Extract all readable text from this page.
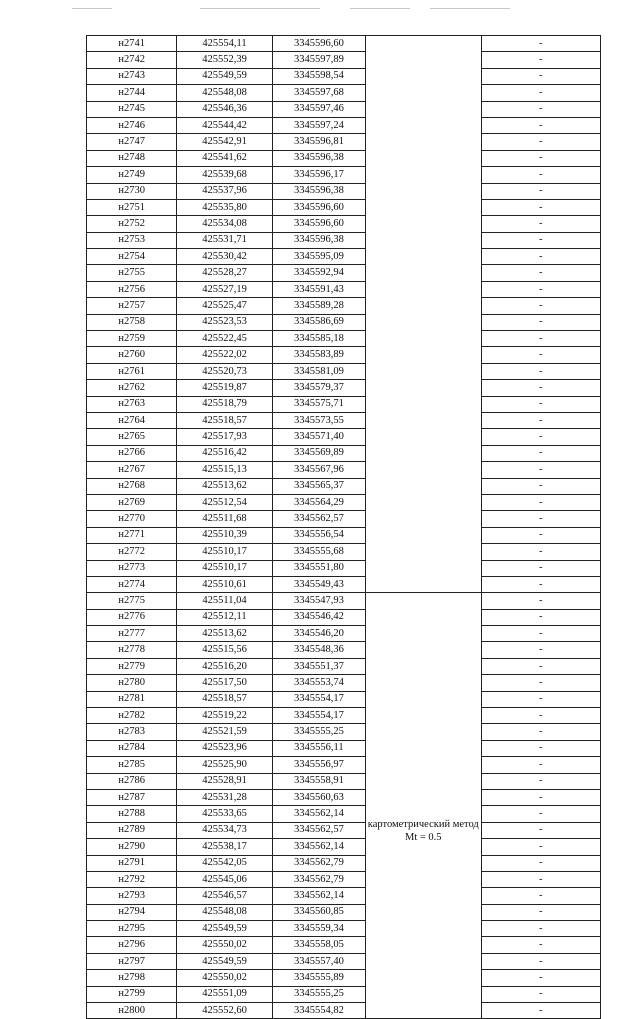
н2741	425554,11	3345596,60		-
н2742	425552,39	3345597,89		-
н2743	425549,59	3345598,54		-
н2744	425548,08	3345597,68		-
н2745	425546,36	3345597,46		-
н2746	425544,42	3345597,24		-
н2747	425542,91	3345596,81		-
н2748	425541,62	3345596,38		-
н2749	425539,68	3345596,17		-
н2730	425537,96	3345596,38		-
н2751	425535,80	3345596,60		-
н2752	425534,08	3345596,60		-
н2753	425531,71	3345596,38		-
н2754	425530,42	3345595,09		-
н2755	425528,27	3345592,94		-
н2756	425527,19	3345591,43		-
н2757	425525,47	3345589,28		-
н2758	425523,53	3345586,69		-
н2759	425522,45	3345585,18		-
н2760	425522,02	3345583,89		-
н2761	425520,73	3345581,09		-
н2762	425519,87	3345579,37		-
н2763	425518,79	3345575,71		-
н2764	425518,57	3345573,55		-
н2765	425517,93	3345571,40		-
н2766	425516,42	3345569,89		-
н2767	425515,13	3345567,96		-
н2768	425513,62	3345565,37		-
н2769	425512,54	3345564,29		-
н2770	425511,68	3345562,57		-
н2771	425510,39	3345556,54		-
н2772	425510,17	3345555,68		-
н2773	425510,17	3345551,80		-
н2774	425510,61	3345549,43		-
н2775	425511,04	3345547,93	картометрический метод Mt = 0.5	-
н2776	425512,11	3345546,42		-
н2777	425513,62	3345546,20		-
н2778	425515,56	3345548,36		-
н2779	425516,20	3345551,37		-
н2780	425517,50	3345553,74		-
н2781	425518,57	3345554,17		-
н2782	425519,22	3345554,17		-
н2783	425521,59	3345555,25		-
н2784	425523,96	3345556,11		-
н2785	425525,90	3345556,97		-
н2786	425528,91	3345558,91		-
н2787	425531,28	3345560,63		-
н2788	425533,65	3345562,14		-
н2789	425534,73	3345562,57		-
н2790	425538,17	3345562,14		-
н2791	425542,05	3345562,79		-
н2792	425545,06	3345562,79		-
н2793	425546,57	3345562,14		-
н2794	425548,08	3345560,85		-
н2795	425549,59	3345559,34		-
н2796	425550,02	3345558,05		-
н2797	425549,59	3345557,40		-
н2798	425550,02	3345555,89		-
н2799	425551,09	3345555,25		-
н2800	425552,60	3345554,82		-
